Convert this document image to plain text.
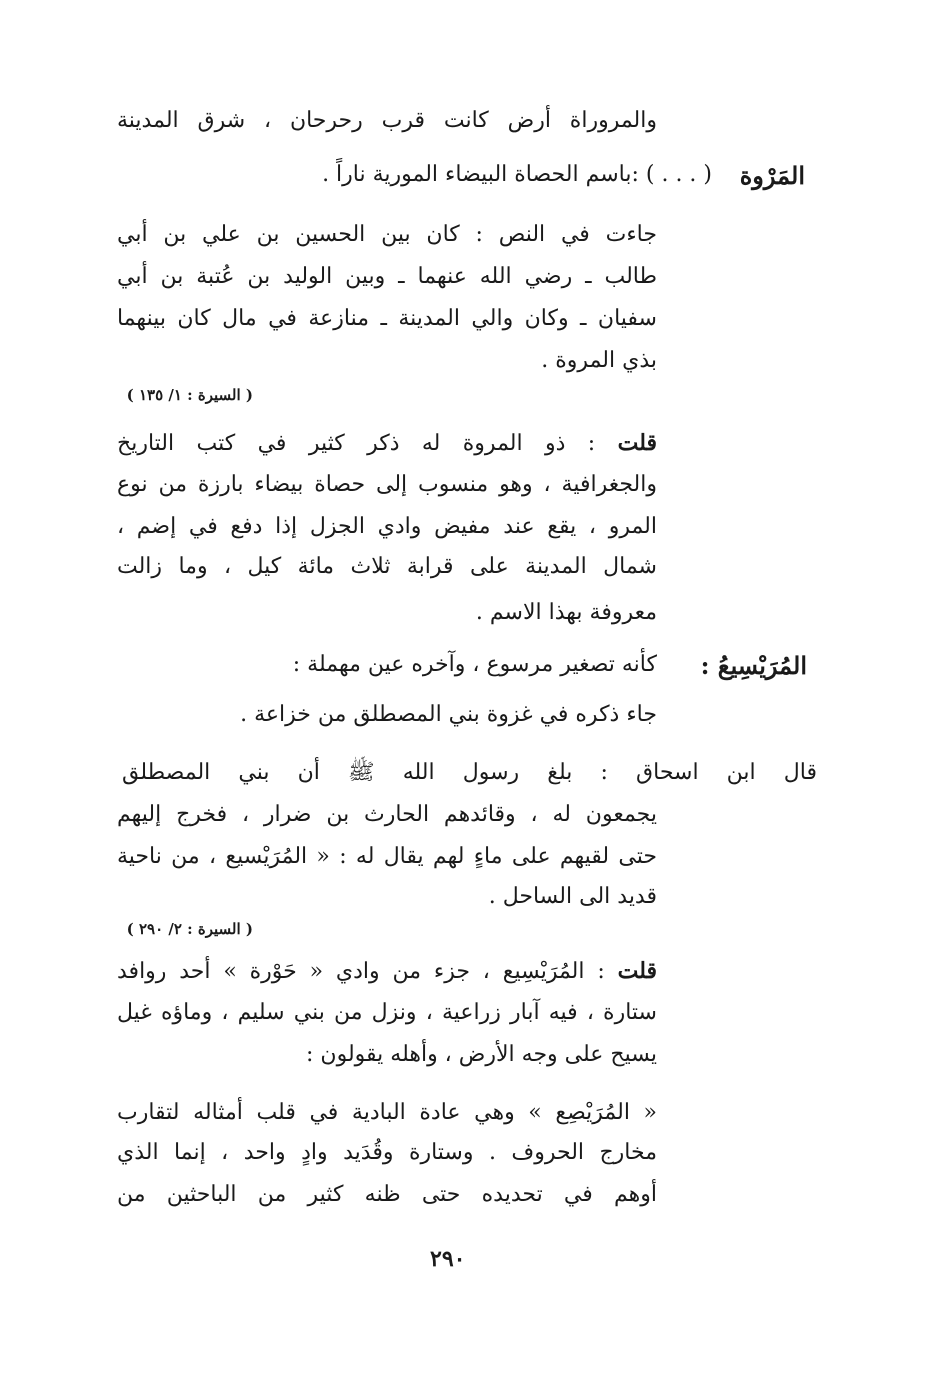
والمروراة أرض كانت قرب رحرحان ، شرق المدينة
المَرْوة
( . . . ) :باسم الحصاة البيضاء المورية ناراً .
جاءت في النص : كان بين الحسين بن علي بن أبي
طالب ـ رضي الله عنهما ـ وبين الوليد بن عُتبة بن أبي
سفيان ـ وكان والي المدينة ـ منازعة في مال كان بينهما
بذي المروة .
( السيرة : ١/ ١٣٥ )
قلت : ذو المروة له ذكر كثير في كتب التاريخ
والجغرافية ، وهو منسوب إلى حصاة بيضاء بارزة من نوع
المرو ، يقع عند مفيض وادي الجزل إذا دفع في إضم ،
شمال المدينة على قرابة ثلاث مائة كيل ، وما زالت
معروفة بهذا الاسم .
المُرَيْسِيعُ :
كأنه تصغير مرسوع ، وآخره عين مهملة :
جاء ذكره في غزوة بني المصطلق من خزاعة .
قال ابن اسحاق : بلغ رسول الله ﷺ أن بني المصطلق
يجمعون له ، وقائدهم الحارث بن ضرار ، فخرج إليهم
حتى لقيهم على ماءٍ لهم يقال له : « المُرَيْسيع ، من ناحية
قديد الى الساحل .
( السيرة : ٢/ ٢٩٠ )
قلت : المُرَيْسِيع ، جزء من وادي « حَوْرة » أحد روافد
ستارة ، فيه آبار زراعية ، ونزل من بني سليم ، وماؤه غيل
يسيح على وجه الأرض ، وأهله يقولون :
« المُرَيْصِع » وهي عادة البادية في قلب أمثاله لتقارب
مخارج الحروف . وستارة وقُدَيد وادٍ واحد ، إنما الذي
أوهم في تحديده حتى ظنه كثير من الباحثين من
٢٩٠
